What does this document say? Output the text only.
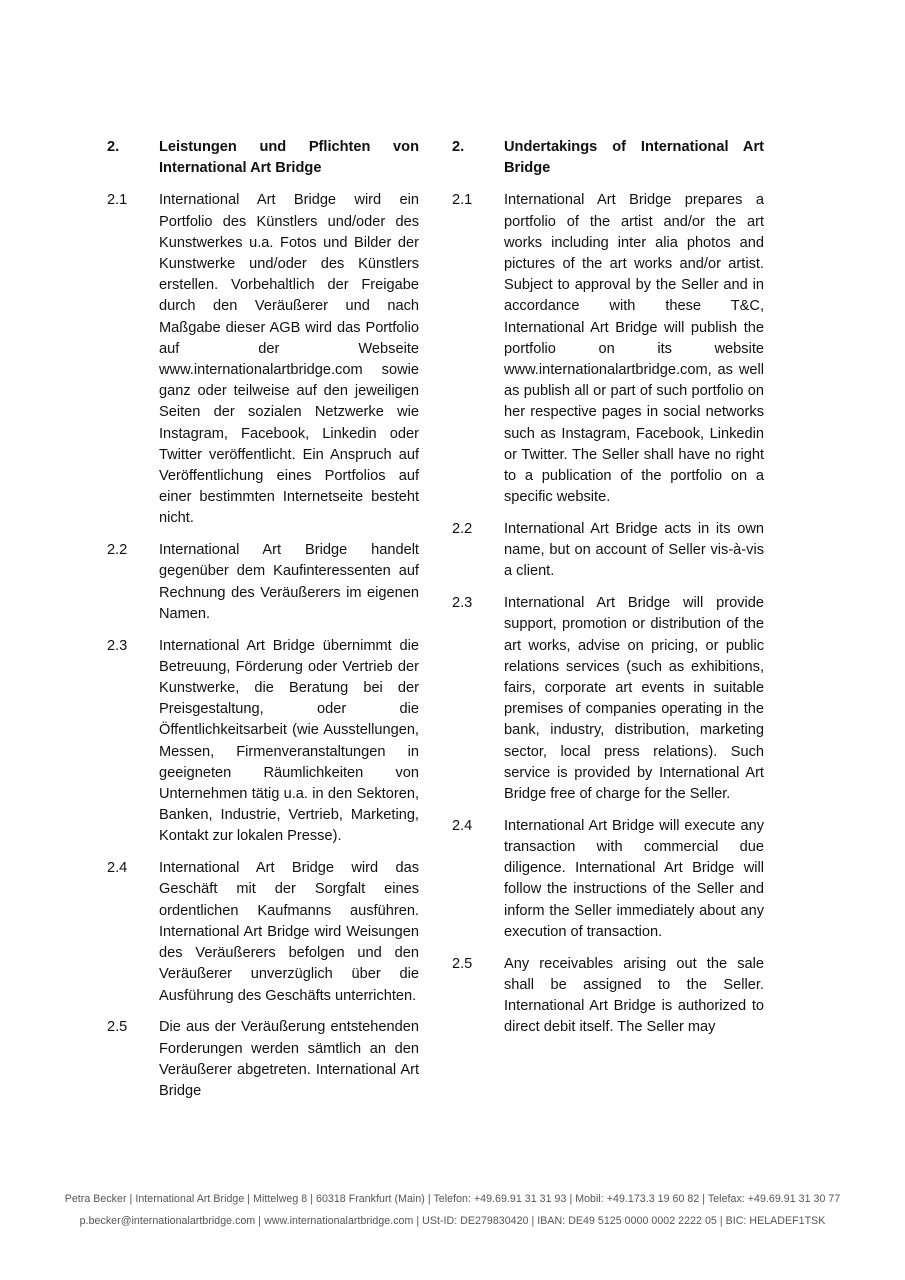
2.	Leistungen und Pflichten von International Art Bridge
2.1	International Art Bridge wird ein Portfolio des Künstlers und/oder des Kunstwerkes u.a. Fotos und Bilder der Kunstwerke und/oder des Künstlers erstellen. Vorbehaltlich der Freigabe durch den Veräußerer und nach Maßgabe dieser AGB wird das Portfolio auf der Webseite www.internationalartbridge.com sowie ganz oder teilweise auf den jeweiligen Seiten der sozialen Netzwerke wie Instagram, Facebook, Linkedin oder Twitter veröffentlicht. Ein Anspruch auf Veröffentlichung eines Portfolios auf einer bestimmten Internetseite besteht nicht.
2.2	International Art Bridge handelt gegenüber dem Kaufinteressenten auf Rechnung des Veräußerers im eigenen Namen.
2.3	International Art Bridge übernimmt die Betreuung, Förderung oder Vertrieb der Kunstwerke, die Beratung bei der Preisgestaltung, oder die Öffentlichkeitsarbeit (wie Ausstellungen, Messen, Firmenveranstaltungen in geeigneten Räumlichkeiten von Unternehmen tätig u.a. in den Sektoren, Banken, Industrie, Vertrieb, Marketing, Kontakt zur lokalen Presse).
2.4	International Art Bridge wird das Geschäft mit der Sorgfalt eines ordentlichen Kaufmanns ausführen. International Art Bridge wird Weisungen des Veräußerers befolgen und den Veräußerer unverzüglich über die Ausführung des Geschäfts unterrichten.
2.5	Die aus der Veräußerung entstehenden Forderungen werden sämtlich an den Veräußerer abgetreten. International Art Bridge
2.	Undertakings of International Art Bridge
2.1	International Art Bridge prepares a portfolio of the artist and/or the art works including inter alia photos and pictures of the art works and/or artist. Subject to approval by the Seller and in accordance with these T&C, International Art Bridge will publish the portfolio on its website www.internationalartbridge.com, as well as publish all or part of such portfolio on her respective pages in social networks such as Instagram, Facebook, Linkedin or Twitter. The Seller shall have no right to a publication of the portfolio on a specific website.
2.2	International Art Bridge acts in its own name, but on account of Seller vis-à-vis a client.
2.3	International Art Bridge will provide support, promotion or distribution of the art works, advise on pricing, or public relations services (such as exhibitions, fairs, corporate art events in suitable premises of companies operating in the bank, industry, distribution, marketing sector, local press relations). Such service is provided by International Art Bridge free of charge for the Seller.
2.4	International Art Bridge will execute any transaction with commercial due diligence. International Art Bridge will follow the instructions of the Seller and inform the Seller immediately about any execution of transaction.
2.5	Any receivables arising out the sale shall be assigned to the Seller. International Art Bridge is authorized to direct debit itself. The Seller may
Petra Becker | International Art Bridge | Mittelweg 8 | 60318 Frankfurt (Main) | Telefon: +49.69.91 31 31 93 | Mobil: +49.173.3 19 60 82 | Telefax: +49.69.91 31 30 77
p.becker@internationalartbridge.com | www.internationalartbridge.com | USt-ID: DE279830420 | IBAN: DE49 5125 0000 0002 2222 05 | BIC: HELADEF1TSK
